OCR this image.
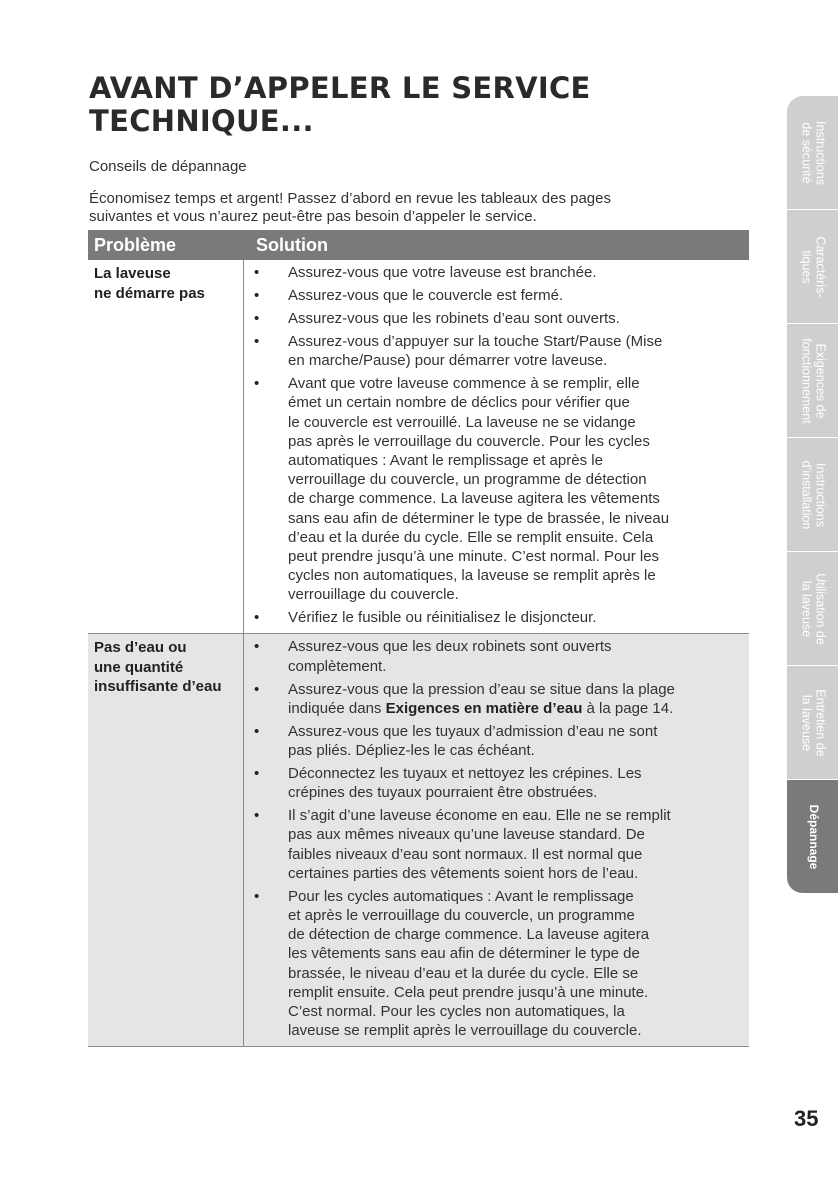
AVANT D’APPELER LE SERVICE
TECHNIQUE...
Conseils de dépannage
Économisez temps et argent! Passez d’abord en revue les tableaux des pages
suivantes et vous n’aurez peut-être pas besoin d’appeler le service.
Problème	Solution
La laveuse
ne démarre pas
• Assurez-vous que votre laveuse est branchée.
• Assurez-vous que le couvercle est fermé.
• Assurez-vous que les robinets d’eau sont ouverts.
• Assurez-vous d’appuyer sur la touche Start/Pause (Mise
en marche/Pause) pour démarrer votre laveuse.
• Avant que votre laveuse commence à se remplir, elle
émet un certain nombre de déclics pour vérifier que
le couvercle est verrouillé. La laveuse ne se vidange
pas après le verrouillage du couvercle. Pour les cycles
automatiques : Avant le remplissage et après le
verrouillage du couvercle, un programme de détection
de charge commence. La laveuse agitera les vêtements
sans eau afin de déterminer le type de brassée, le niveau
d’eau et la durée du cycle. Elle se remplit ensuite. Cela
peut prendre jusqu’à une minute. C’est normal. Pour les
cycles non automatiques, la laveuse se remplit après le
verrouillage du couvercle.
• Vérifiez le fusible ou réinitialisez le disjoncteur.
Pas d’eau ou
une quantité
insuffisante d’eau
• Assurez-vous que les deux robinets sont ouverts
complètement.
• Assurez-vous que la pression d’eau se situe dans la plage
indiquée dans Exigences en matière d’eau à la page 14.
• Assurez-vous que les tuyaux d’admission d’eau ne sont
pas pliés. Dépliez-les le cas échéant.
• Déconnectez les tuyaux et nettoyez les crépines. Les
crépines des tuyaux pourraient être obstruées.
• Il s’agit d’une laveuse économe en eau. Elle ne se remplit
pas aux mêmes niveaux qu’une laveuse standard. De
faibles niveaux d’eau sont normaux. Il est normal que
certaines parties des vêtements soient hors de l’eau.
• Pour les cycles automatiques : Avant le remplissage
et après le verrouillage du couvercle, un programme
de détection de charge commence. La laveuse agitera
les vêtements sans eau afin de déterminer le type de
brassée, le niveau d’eau et la durée du cycle. Elle se
remplit ensuite. Cela peut prendre jusqu’à une minute.
C’est normal. Pour les cycles non automatiques, la
laveuse se remplit après le verrouillage du couvercle.
Instructions
de sécurité
Caractéris-
tiques
Exigences de
fonctionnement
Instructions
d’installation
Utilisation de
la laveuse
Entretien de
la laveuse
Dépannage
35
